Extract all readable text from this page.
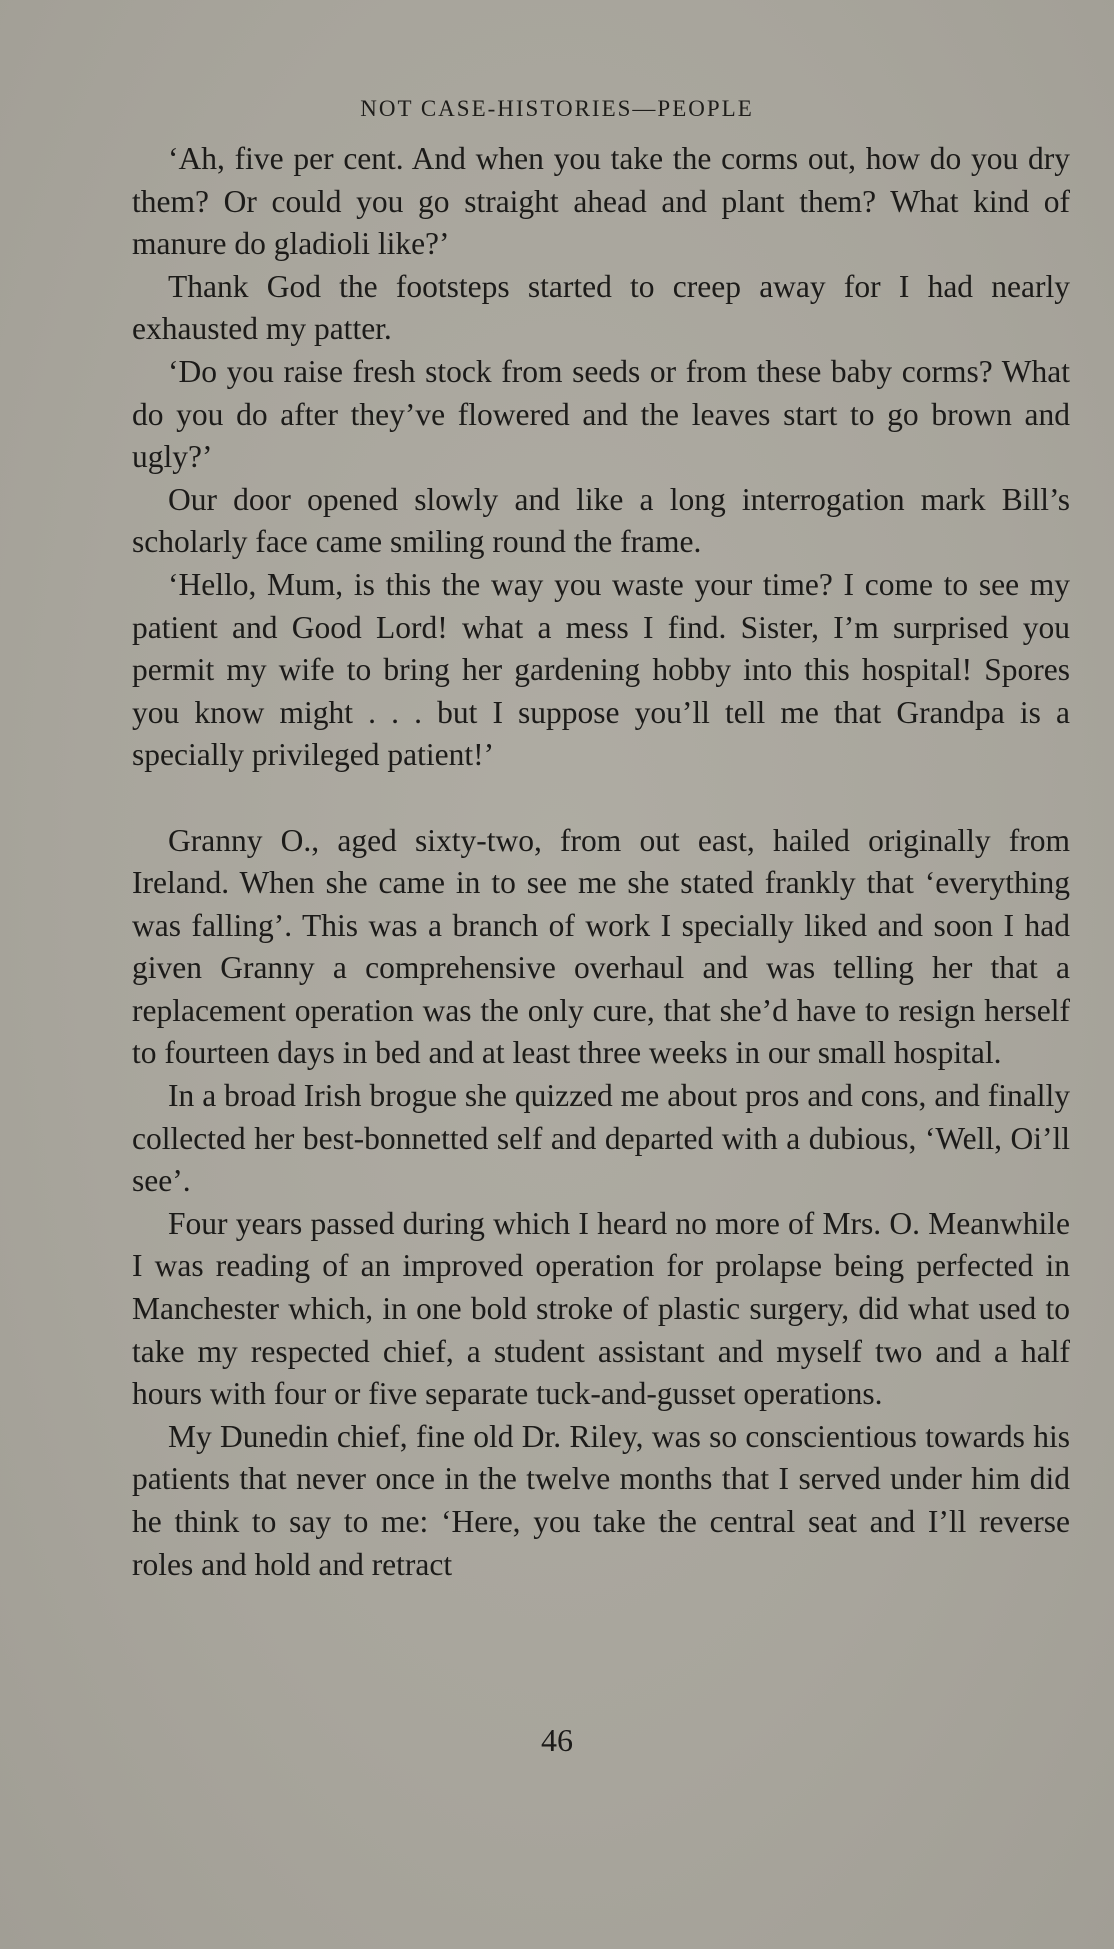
NOT CASE-HISTORIES—PEOPLE

‘Ah, five per cent. And when you take the corms out, how do you dry them? Or could you go straight ahead and plant them? What kind of manure do gladioli like?’

Thank God the footsteps started to creep away for I had nearly exhausted my patter.

‘Do you raise fresh stock from seeds or from these baby corms? What do you do after they’ve flowered and the leaves start to go brown and ugly?’

Our door opened slowly and like a long interrogation mark Bill’s scholarly face came smiling round the frame.

‘Hello, Mum, is this the way you waste your time? I come to see my patient and Good Lord! what a mess I find. Sister, I’m surprised you permit my wife to bring her gardening hobby into this hospital! Spores you know might . . . but I suppose you’ll tell me that Grandpa is a specially privileged patient!’

Granny O., aged sixty-two, from out east, hailed originally from Ireland. When she came in to see me she stated frankly that ‘everything was falling’. This was a branch of work I specially liked and soon I had given Granny a comprehensive overhaul and was telling her that a replacement operation was the only cure, that she’d have to resign herself to fourteen days in bed and at least three weeks in our small hospital.

In a broad Irish brogue she quizzed me about pros and cons, and finally collected her best-bonnetted self and departed with a dubious, ‘Well, Oi’ll see’.

Four years passed during which I heard no more of Mrs. O. Meanwhile I was reading of an improved operation for prolapse being perfected in Manchester which, in one bold stroke of plastic surgery, did what used to take my respected chief, a student assistant and myself two and a half hours with four or five separate tuck-and-gusset operations.

My Dunedin chief, fine old Dr. Riley, was so conscientious towards his patients that never once in the twelve months that I served under him did he think to say to me: ‘Here, you take the central seat and I’ll reverse roles and hold and retract

46
